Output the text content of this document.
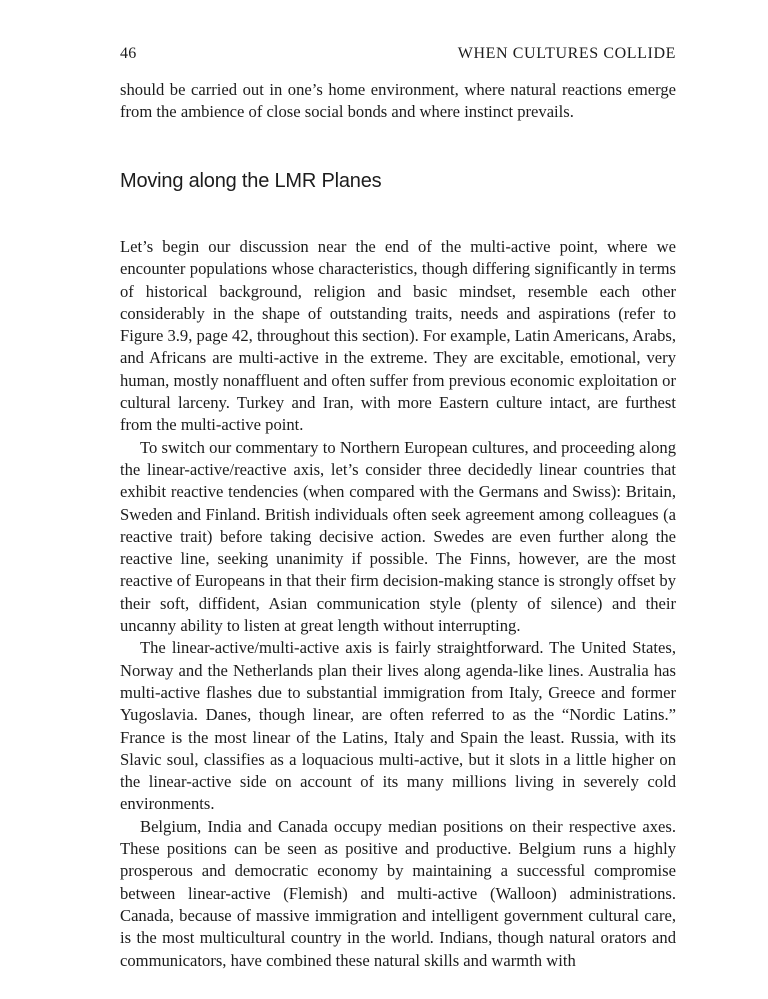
46	WHEN CULTURES COLLIDE

should be carried out in one’s home environment, where natural reactions emerge from the ambience of close social bonds and where instinct prevails.

Moving along the LMR Planes

Let’s begin our discussion near the end of the multi-active point, where we encounter populations whose characteristics, though differing significantly in terms of historical background, religion and basic mindset, resemble each other considerably in the shape of outstanding traits, needs and aspirations (refer to Figure 3.9, page 42, throughout this section). For example, Latin Americans, Arabs, and Africans are multi-active in the extreme. They are excitable, emotional, very human, mostly nonaffluent and often suffer from previous economic exploitation or cultural larceny. Turkey and Iran, with more Eastern culture intact, are furthest from the multi-active point.

To switch our commentary to Northern European cultures, and proceeding along the linear-active/reactive axis, let’s consider three decidedly linear countries that exhibit reactive tendencies (when compared with the Germans and Swiss): Britain, Sweden and Finland. British individuals often seek agreement among colleagues (a reactive trait) before taking decisive action. Swedes are even further along the reactive line, seeking unanimity if possible. The Finns, however, are the most reactive of Europeans in that their firm decision-making stance is strongly offset by their soft, diffident, Asian communication style (plenty of silence) and their uncanny ability to listen at great length without interrupting.

The linear-active/multi-active axis is fairly straightforward. The United States, Norway and the Netherlands plan their lives along agenda-like lines. Australia has multi-active flashes due to substantial immigration from Italy, Greece and former Yugoslavia. Danes, though linear, are often referred to as the “Nordic Latins.” France is the most linear of the Latins, Italy and Spain the least. Russia, with its Slavic soul, classifies as a loquacious multi-active, but it slots in a little higher on the linear-active side on account of its many millions living in severely cold environments.

Belgium, India and Canada occupy median positions on their respective axes. These positions can be seen as positive and productive. Belgium runs a highly prosperous and democratic economy by maintaining a successful compromise between linear-active (Flemish) and multi-active (Walloon) administrations. Canada, because of massive immigration and intelligent government cultural care, is the most multicultural country in the world. Indians, though natural orators and communicators, have combined these natural skills and warmth with
